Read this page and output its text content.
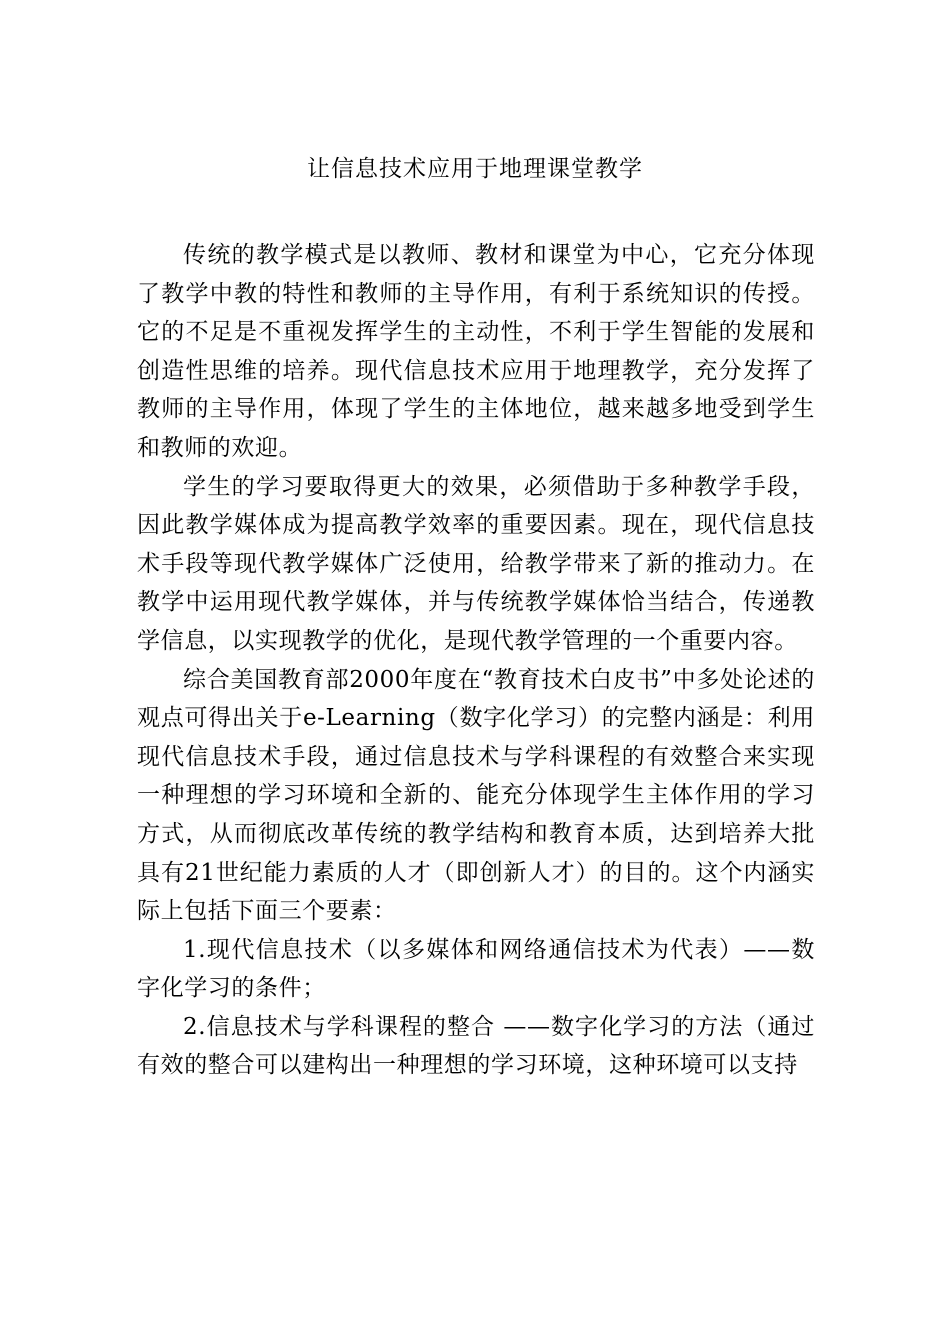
让信息技术应用于地理课堂教学

传统的教学模式是以教师、教材和课堂为中心，它充分体现了教学中教的特性和教师的主导作用，有利于系统知识的传授。它的不足是不重视发挥学生的主动性，不利于学生智能的发展和创造性思维的培养。现代信息技术应用于地理教学，充分发挥了教师的主导作用，体现了学生的主体地位，越来越多地受到学生和教师的欢迎。

学生的学习要取得更大的效果，必须借助于多种教学手段，因此教学媒体成为提高教学效率的重要因素。现在，现代信息技术手段等现代教学媒体广泛使用，给教学带来了新的推动力。在教学中运用现代教学媒体，并与传统教学媒体恰当结合，传递教学信息，以实现教学的优化，是现代教学管理的一个重要内容。

综合美国教育部2000年度在“教育技术白皮书”中多处论述的观点可得出关于e-Learning（数字化学习）的完整内涵是：利用现代信息技术手段，通过信息技术与学科课程的有效整合来实现一种理想的学习环境和全新的、能充分体现学生主体作用的学习方式，从而彻底改革传统的教学结构和教育本质，达到培养大批具有21世纪能力素质的人才（即创新人才）的目的。这个内涵实际上包括下面三个要素：

1.现代信息技术（以多媒体和网络通信技术为代表）——数字化学习的条件；

2.信息技术与学科课程的整合 ——数字化学习的方法（通过有效的整合可以建构出一种理想的学习环境，这种环境可以支持
